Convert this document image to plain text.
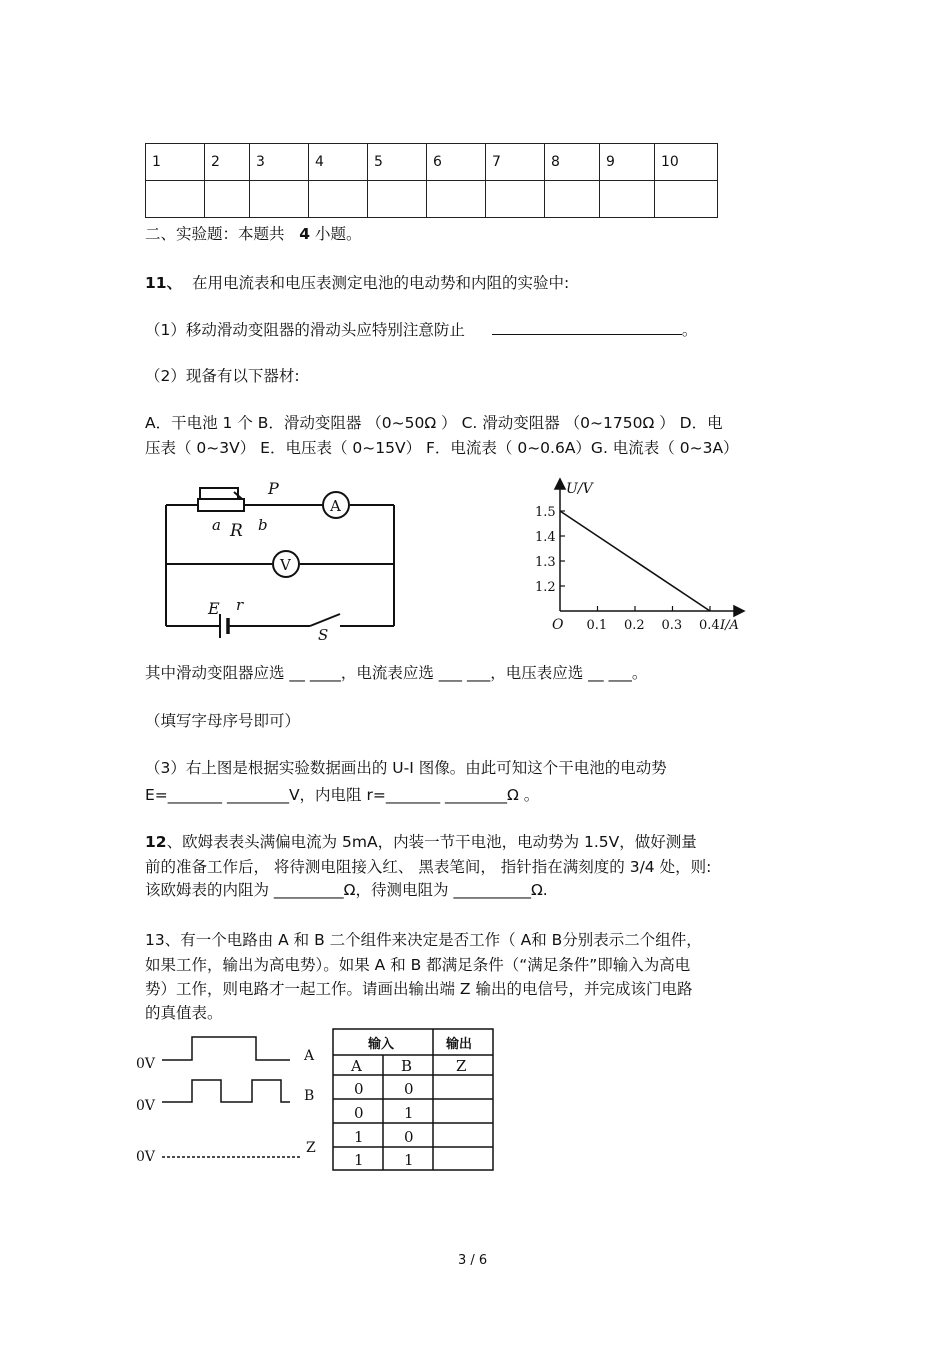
1	2	3	4	5	6	7	8	9	10

二、实验题：本题共 4 小题。
11、 在用电流表和电压表测定电池的电动势和内阻的实验中:
（1）移动滑动变阻器的滑动头应特别注意防止	。
（2）现备有以下器材:
A．干电池 1 个 B．滑动变阻器 （0~50Ω ） C. 滑动变阻器 （0~1750Ω ） D．电
压表（ 0~3V） E．电压表（ 0~15V） F．电流表（ 0~0.6A）G. 电流表（ 0~3A）
P
A
a R b
V
E r
S
0.1 0.2 0.3 0.4
1.2
1.3
1.4
1.5
U/V
I/A
O
其中滑动变阻器应选 __ ____，电流表应选 ___ ___，电压表应选 __ ___。
（填写字母序号即可）
（3）右上图是根据实验数据画出的 U-I 图像。由此可知这个干电池的电动势
E=_______ ________V，内电阻 r=_______ ________Ω 。
12、欧姆表表头满偏电流为 5mA，内装一节干电池，电动势为 1.5V，做好测量
前的准备工作后， 将待测电阻接入红、 黑表笔间， 指针指在满刻度的 3/4 处，则:
该欧姆表的内阻为 _________Ω，待测电阻为 __________Ω.
13、有一个电路由 A 和 B 二个组件来决定是否工作（ A和 B分别表示二个组件，
如果工作，输出为高电势）。如果 A 和 B 都满足条件（“满足条件”即输入为高电
势）工作，则电路才一起工作。请画出输出端 Z 输出的电信号，并完成该门电路
的真值表。
0V
0V
0V
A
B
Z
输入	输出
A	B	Z
0	0
0	1
1	0
1	1
3 / 6
